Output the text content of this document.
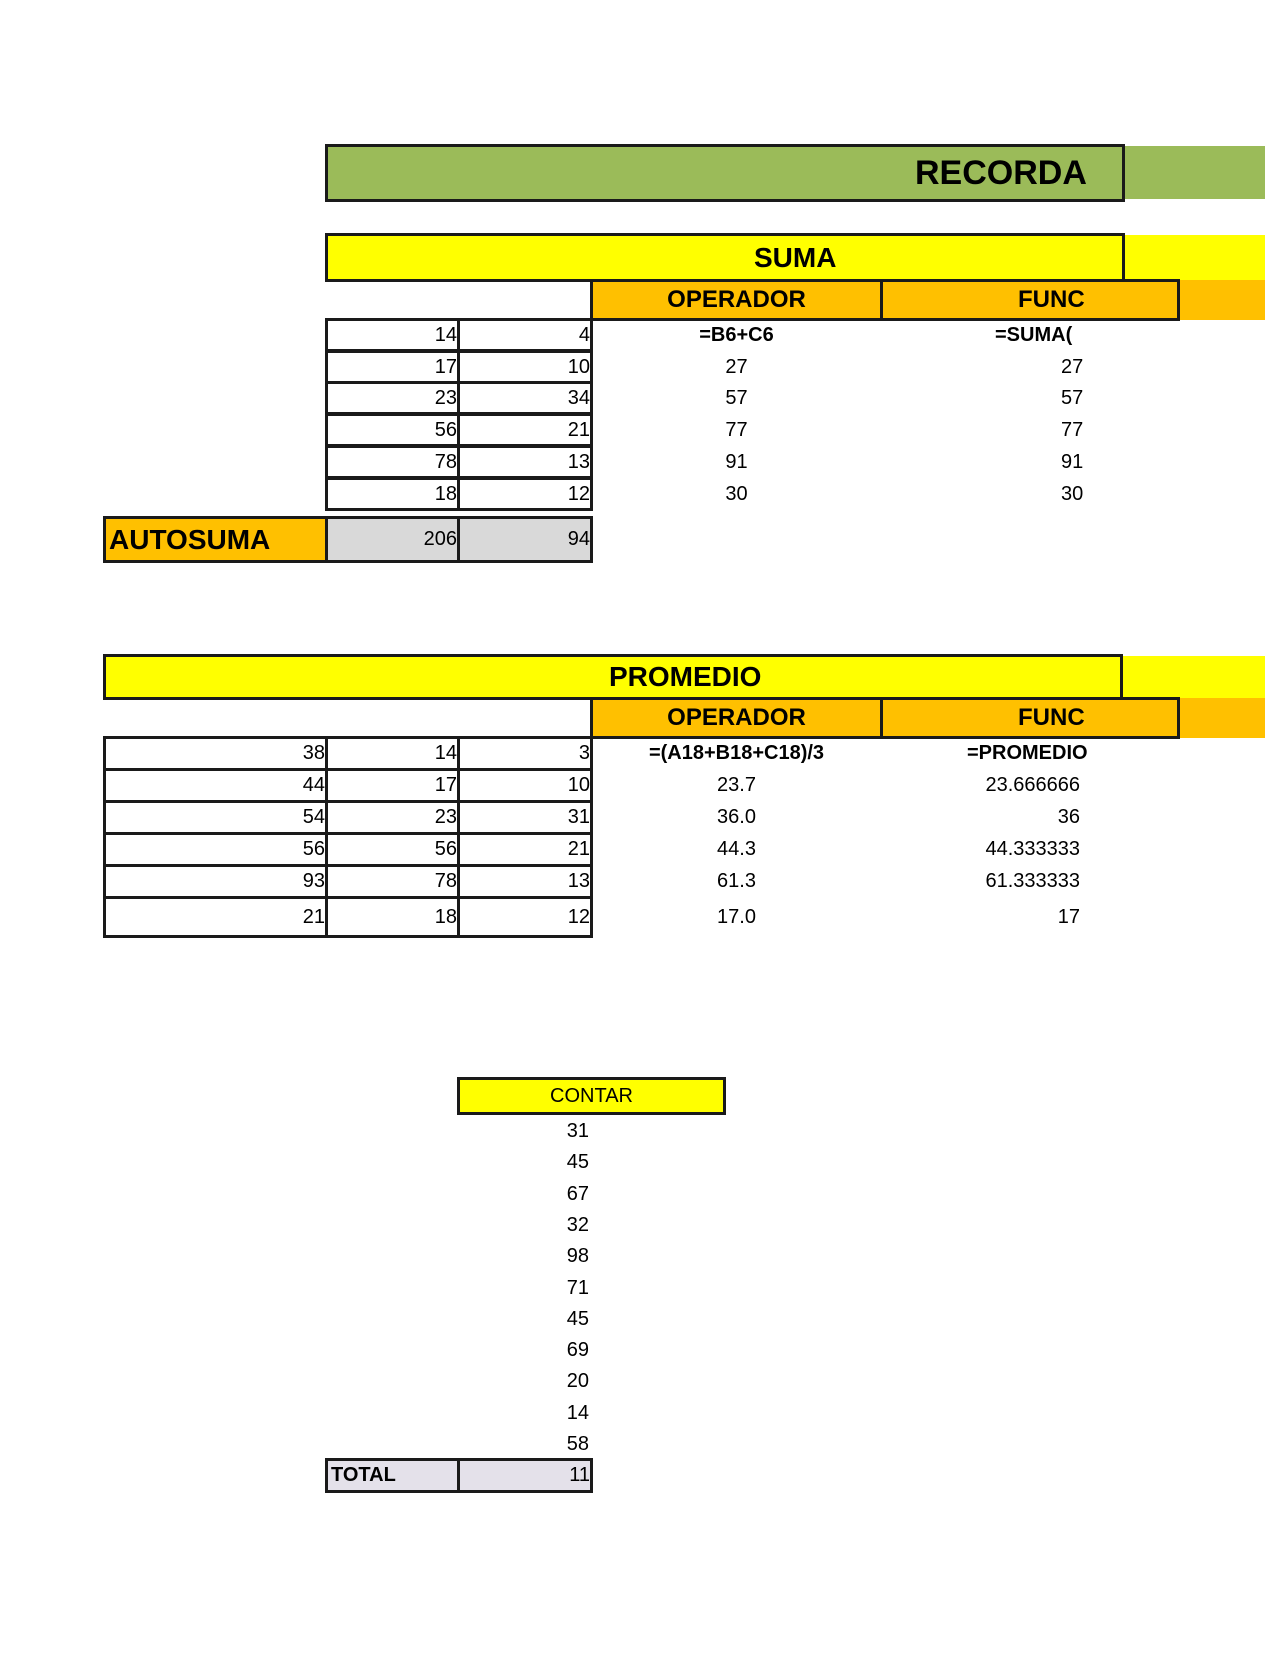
RECORDA
SUMA
OPERADOR	FUNC
14	4	=B6+C6	=SUMA(
17	10	27	27
23	34	57	57
56	21	77	77
78	13	91	91
18	12	30	30
AUTOSUMA	206	94
PROMEDIO
OPERADOR	FUNC
38	14	3	=(A18+B18+C18)/3	=PROMEDIO
44	17	10	23.7	23.666666
54	23	31	36.0	36
56	56	21	44.3	44.333333
93	78	13	61.3	61.333333
21	18	12	17.0	17
CONTAR
31
45
67
32
98
71
45
69
20
14
58
TOTAL	11
